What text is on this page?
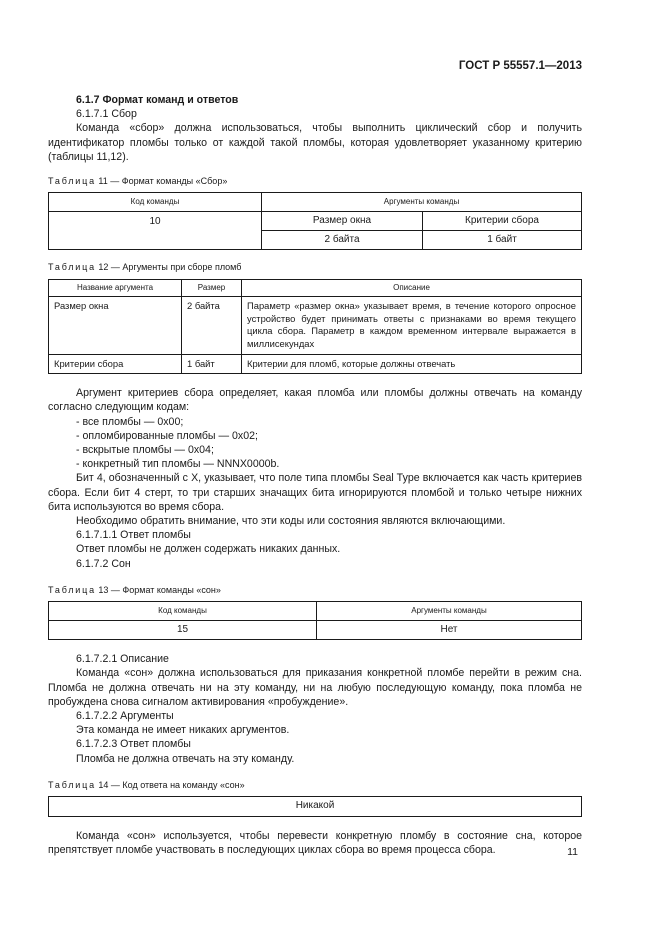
ГОСТ Р 55557.1—2013
6.1.7 Формат команд и ответов
6.1.7.1 Сбор
Команда «сбор» должна использоваться, чтобы выполнить циклический сбор и получить идентификатор пломбы только от каждой такой пломбы, которая удовлетворяет указанному критерию (таблицы 11,12).
Таблица 11 — Формат команды «Сбор»
Код команды	Аргументы команды	
10	Размер окна	Критерии сбора
	2 байта	1 байт
Таблица 12 — Аргументы при сборе пломб
Название аргумента	Размер	Описание
Размер окна	2 байта	Параметр «размер окна» указывает время, в течение которого опросное устройство будет принимать ответы с признаками во время текущего цикла сбора. Параметр в каждом временном интервале выражается в миллисекундах
Критерии сбора	1 байт	Критерии для пломб, которые должны отвечать
Аргумент критериев сбора определяет, какая пломба или пломбы должны отвечать на команду согласно следующим кодам:
- все пломбы — 0x00;
- опломбированные пломбы — 0x02;
- вскрытые пломбы — 0x04;
- конкретный тип пломбы — NNNX0000b.
Бит 4, обозначенный с X, указывает, что поле типа пломбы Seal Type включается как часть критериев сбора. Если бит 4 стерт, то три старших значащих бита игнорируются пломбой и только четыре нижних бита используются во время сбора.
Необходимо обратить внимание, что эти коды или состояния являются включающими.
6.1.7.1.1 Ответ пломбы
Ответ пломбы не должен содержать никаких данных.
6.1.7.2 Сон
Таблица 13 — Формат команды «сон»
Код команды	Аргументы команды
15	Нет
6.1.7.2.1 Описание
Команда «сон» должна использоваться для приказания конкретной пломбе перейти в режим сна. Пломба не должна отвечать ни на эту команду, ни на любую последующую команду, пока пломба не пробуждена снова сигналом активирования «пробуждение».
6.1.7.2.2 Аргументы
Эта команда не имеет никаких аргументов.
6.1.7.2.3 Ответ пломбы
Пломба не должна отвечать на эту команду.
Таблица 14 — Код ответа на команду «сон»
Никакой
Команда «сон» используется, чтобы перевести конкретную пломбу в состояние сна, которое препятствует пломбе участвовать в последующих циклах сбора во время процесса сбора.	11
